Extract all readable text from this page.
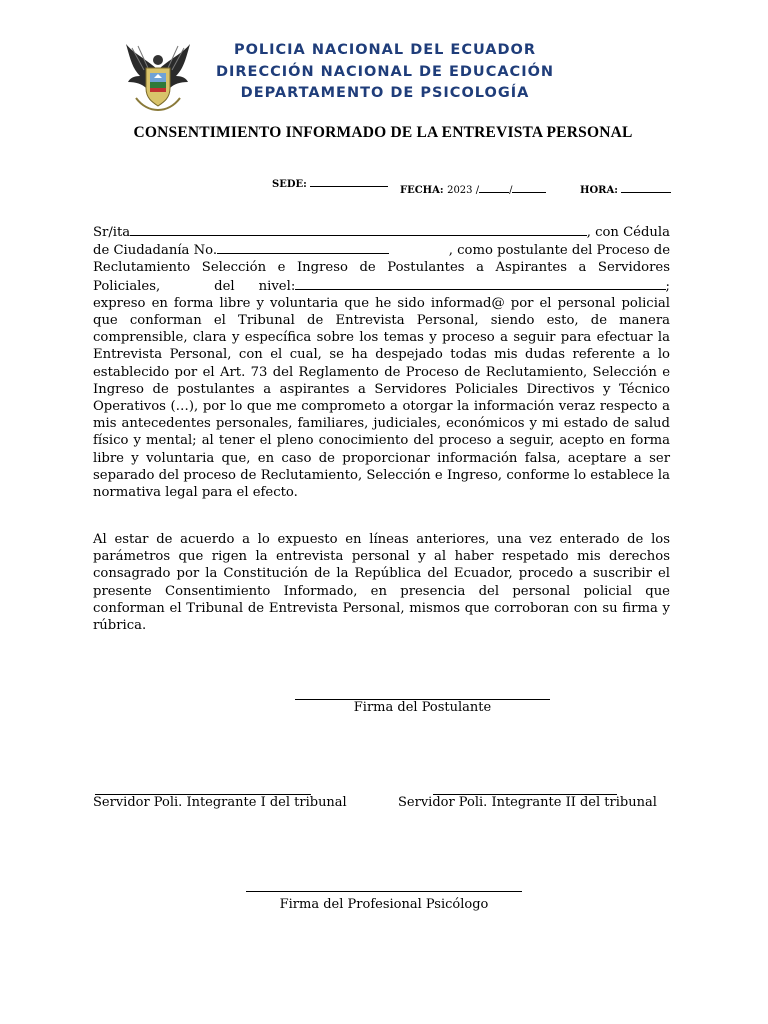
POLICIA NACIONAL DEL ECUADOR
DIRECCIÓN NACIONAL DE EDUCACIÓN
DEPARTAMENTO DE PSICOLOGÍA
CONSENTIMIENTO INFORMADO DE LA ENTREVISTA PERSONAL
SEDE:
FECHA: 2023 /	/	HORA:
Sr/ita	, con Cédula
de Ciudadanía No.	, como postulante del Proceso de
Reclutamiento Selección e Ingreso de Postulantes a Aspirantes a Servidores
Policiales,	del nivel:	;
expreso en forma libre y voluntaria que he sido informad@ por el personal policial que conforman el Tribunal de Entrevista Personal, siendo esto, de manera comprensible, clara y específica sobre los temas y proceso a seguir para efectuar la Entrevista Personal, con el cual, se ha despejado todas mis dudas referente a lo establecido por el Art. 73 del Reglamento de Proceso de Reclutamiento, Selección e Ingreso de postulantes a aspirantes a Servidores Policiales Directivos y Técnico Operativos (…), por lo que me comprometo a otorgar la información veraz respecto a mis antecedentes personales, familiares, judiciales, económicos y mi estado de salud físico y mental; al tener el pleno conocimiento del proceso a seguir, acepto en forma libre y voluntaria que, en caso de proporcionar información falsa, aceptare a ser separado del proceso de Reclutamiento, Selección e Ingreso, conforme lo establece la normativa legal para el efecto.
Al estar de acuerdo a lo expuesto en líneas anteriores, una vez enterado de los parámetros que rigen la entrevista personal y al haber respetado mis derechos consagrado por la Constitución de la República del Ecuador, procedo a suscribir el presente Consentimiento Informado, en presencia del personal policial que conforman el Tribunal de Entrevista Personal, mismos que corroboran con su firma y rúbrica.
Firma del Postulante
Servidor Poli. Integrante I del tribunal	Servidor Poli. Integrante II del tribunal
Firma del Profesional Psicólogo
